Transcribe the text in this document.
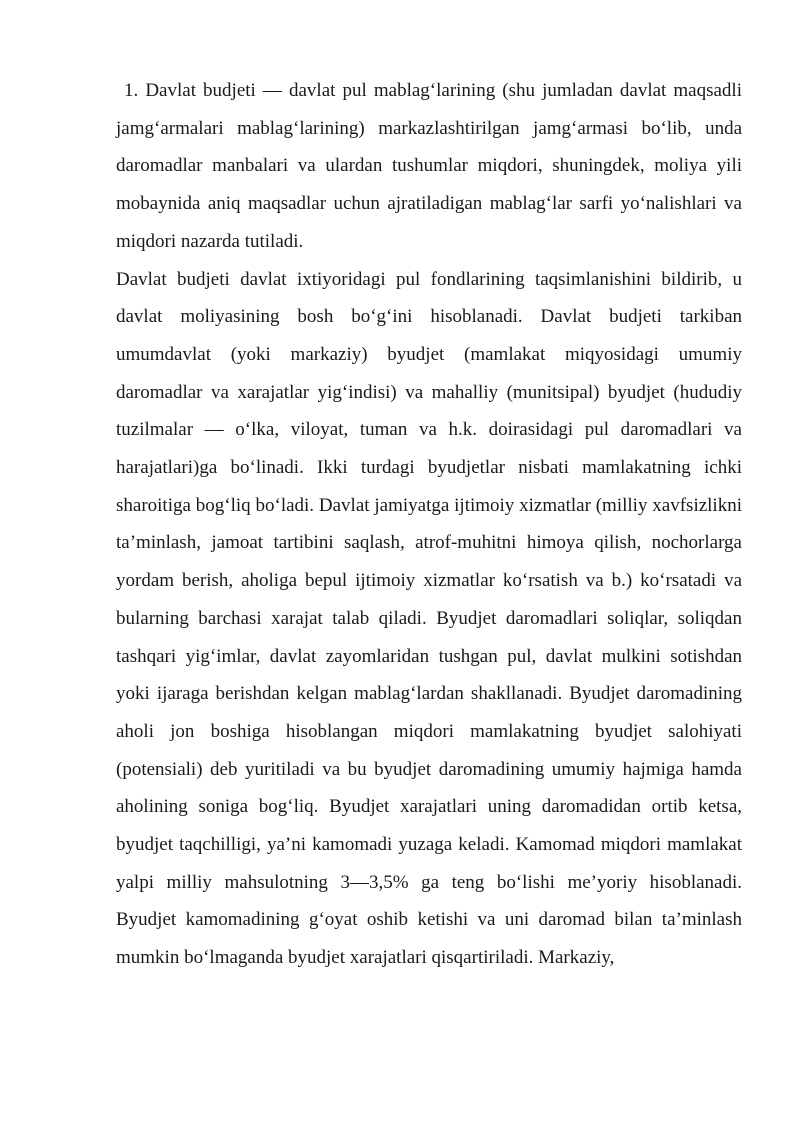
1. Davlat budjeti — davlat pul mablag‘larining (shu jumladan davlat maqsadli jamg‘armalari mablag‘larining) markazlashtirilgan jamg‘armasi bo‘lib, unda daromadlar manbalari va ulardan tushumlar miqdori, shuningdek, moliya yili mobaynida aniq maqsadlar uchun ajratiladigan mablag‘lar sarfi yo‘nalishlari va miqdori nazarda tutiladi.

Davlat budjeti davlat ixtiyoridagi pul fondlarining taqsimlanishini bildirib, u davlat moliyasining bosh bo‘g‘ini hisoblanadi. Davlat budjeti tarkiban umumdavlat (yoki markaziy) byudjet (mamlakat miqyosidagi umumiy daromadlar va xarajatlar yig‘indisi) va mahalliy (munitsipal) byudjet (hududiy tuzilmalar — o‘lka, viloyat, tuman va h.k. doirasidagi pul daromadlari va harajatlari)ga bo‘linadi. Ikki turdagi byudjetlar nisbati mamlakatning ichki sharoitiga bog‘liq bo‘ladi. Davlat jamiyatga ijtimoiy xizmatlar (milliy xavfsizlikni ta’minlash, jamoat tartibini saqlash, atrof-muhitni himoya qilish, nochorlarga yordam berish, aholiga bepul ijtimoiy xizmatlar ko‘rsatish va b.) ko‘rsatadi va bularning barchasi xarajat talab qiladi. Byudjet daromadlari soliqlar, soliqdan tashqari yig‘imlar, davlat zayomlaridan tushgan pul, davlat mulkini sotishdan yoki ijaraga berishdan kelgan mablag‘lardan shakllanadi. Byudjet daromadining aholi jon boshiga hisoblangan miqdori mamlakatning byudjet salohiyati (potensiali) deb yuritiladi va bu byudjet daromadining umumiy hajmiga hamda aholining soniga bog‘liq. Byudjet xarajatlari uning daromadidan ortib ketsa, byudjet taqchilligi, ya’ni kamomadi yuzaga keladi. Kamomad miqdori mamlakat yalpi milliy mahsulotning 3—3,5% ga teng bo‘lishi me’yoriy hisoblanadi. Byudjet kamomadining g‘oyat oshib ketishi va uni daromad bilan ta’minlash mumkin bo‘lmaganda byudjet xarajatlari qisqartiriladi. Markaziy,
